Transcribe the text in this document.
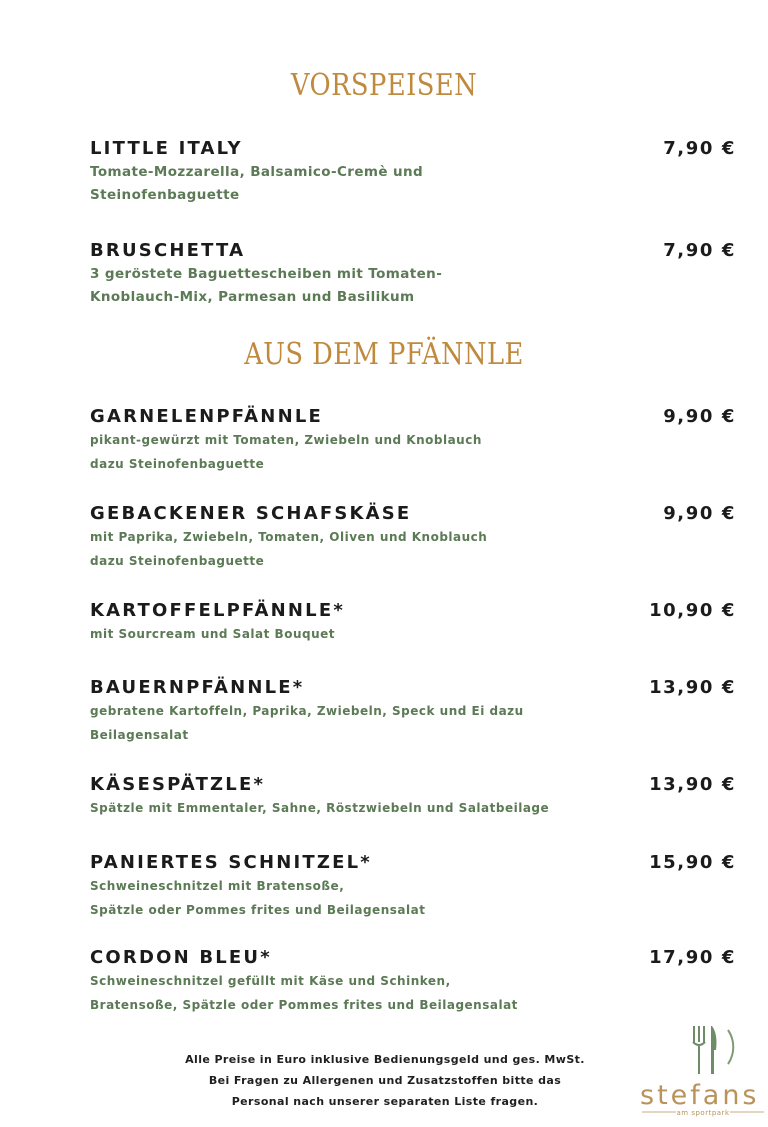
VORSPEISEN
AUS DEM PFÄNNLE
LITTLE ITALY	7,90 €
Tomate-Mozzarella, Balsamico-Cremè und
Steinofenbaguette
BRUSCHETTA	7,90 €
3 geröstete Baguettescheiben mit Tomaten-
Knoblauch-Mix, Parmesan und Basilikum
GARNELENPFÄNNLE	9,90 €
pikant-gewürzt mit Tomaten, Zwiebeln und Knoblauch
dazu Steinofenbaguette
GEBACKENER SCHAFSKÄSE	9,90 €
mit Paprika, Zwiebeln, Tomaten, Oliven und Knoblauch
dazu Steinofenbaguette
KARTOFFELPFÄNNLE*	10,90 €
mit Sourcream und Salat Bouquet
BAUERNPFÄNNLE*	13,90 €
gebratene Kartoffeln, Paprika, Zwiebeln, Speck und Ei dazu
Beilagensalat
KÄSESPÄTZLE*	13,90 €
Spätzle mit Emmentaler, Sahne, Röstzwiebeln und Salatbeilage
PANIERTES SCHNITZEL*	15,90 €
Schweineschnitzel mit Bratensoße,
Spätzle oder Pommes frites und Beilagensalat
CORDON BLEU*	17,90 €
Schweineschnitzel gefüllt mit Käse und Schinken,
Bratensoße, Spätzle oder Pommes frites und Beilagensalat
Alle Preise in Euro inklusive Bedienungsgeld und ges. MwSt.
Bei Fragen zu Allergenen und Zusatzstoffen bitte das
Personal nach unserer separaten Liste fragen.	stefans
am sportpark
